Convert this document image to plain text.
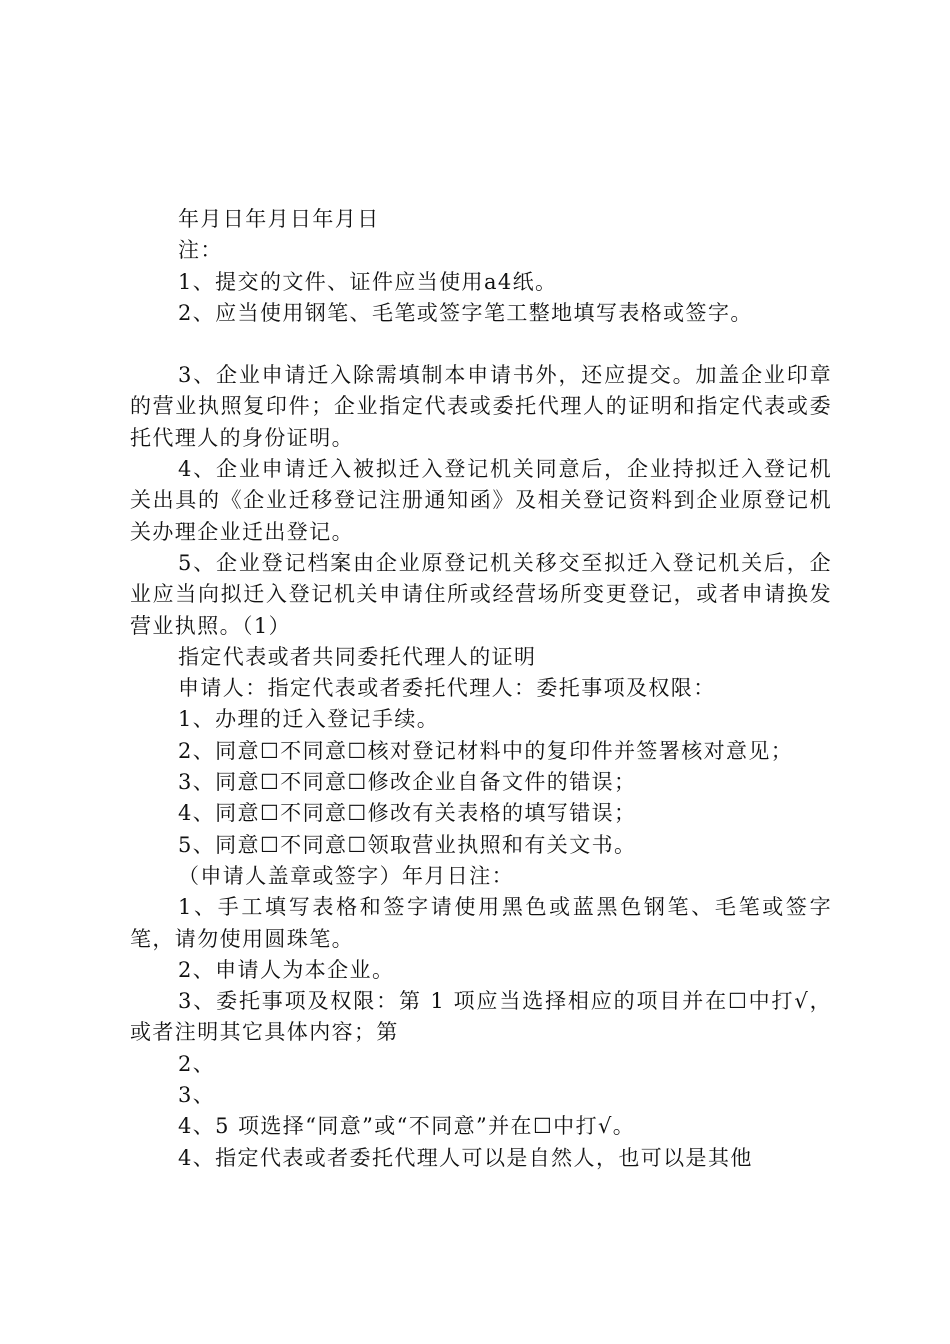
年月日年月日年月日

注：

1、提交的文件、证件应当使用a4纸。

2、应当使用钢笔、毛笔或签字笔工整地填写表格或签字。

3、企业申请迁入除需填制本申请书外，还应提交。加盖企业印章的营业执照复印件；企业指定代表或委托代理人的证明和指定代表或委托代理人的身份证明。

4、企业申请迁入被拟迁入登记机关同意后，企业持拟迁入登记机关出具的《企业迁移登记注册通知函》及相关登记资料到企业原登记机关办理企业迁出登记。

5、企业登记档案由企业原登记机关移交至拟迁入登记机关后，企业应当向拟迁入登记机关申请住所或经营场所变更登记，或者申请换发营业执照。（1）

指定代表或者共同委托代理人的证明

申请人：指定代表或者委托代理人：委托事项及权限：

1、办理的迁入登记手续。

2、同意☐不同意☐核对登记材料中的复印件并签署核对意见；

3、同意☐不同意☐修改企业自备文件的错误；

4、同意☐不同意☐修改有关表格的填写错误；

5、同意☐不同意☐领取营业执照和有关文书。

（申请人盖章或签字）年月日注：

1、手工填写表格和签字请使用黑色或蓝黑色钢笔、毛笔或签字笔，请勿使用圆珠笔。

2、申请人为本企业。

3、委托事项及权限：第 1 项应当选择相应的项目并在☐中打√，或者注明其它具体内容；第

2、

3、

4、5 项选择“同意”或“不同意”并在☐中打√。

4、指定代表或者委托代理人可以是自然人，也可以是其他
